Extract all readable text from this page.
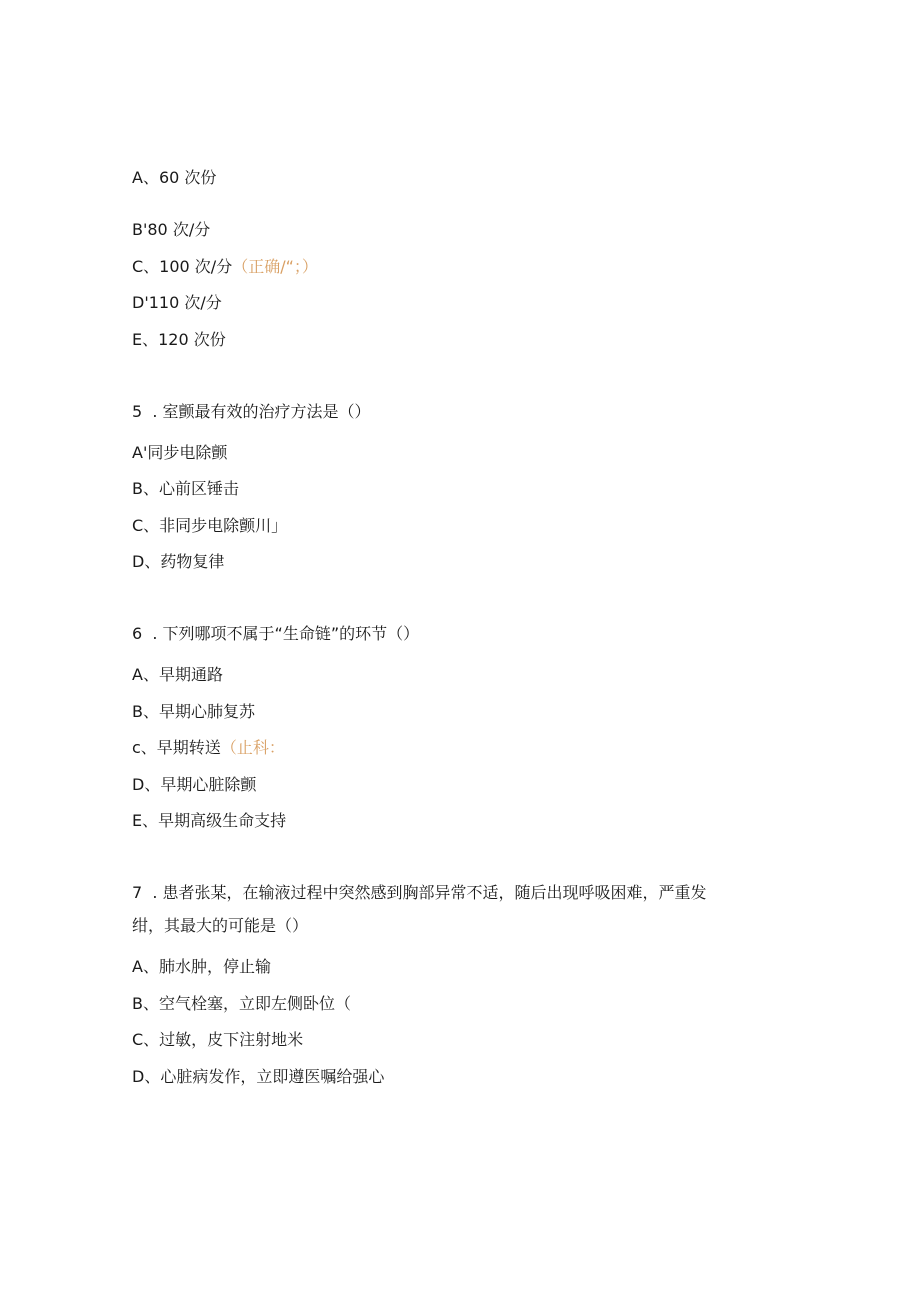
A、60 次份
B'80 次/分
C、100 次/分（正确/“；）
D'110 次/分
E、120 次份
5  . 室颤最有效的治疗方法是（）
A'同步电除颤
B、心前区锤击
C、非同步电除颤川」
D、药物复律
6  . 下列哪项不属于“生命链”的环节（）
A、早期通路
B、早期心肺复苏
c、早期转送（止科：
D、早期心脏除颤
E、早期高级生命支持
7  . 患者张某，在输液过程中突然感到胸部异常不适，随后出现呼吸困难，严重发
绀，其最大的可能是（）
A、肺水肿，停止输
B、空气栓塞，立即左侧卧位（
C、过敏，皮下注射地米
D、心脏病发作，立即遵医嘱给强心
